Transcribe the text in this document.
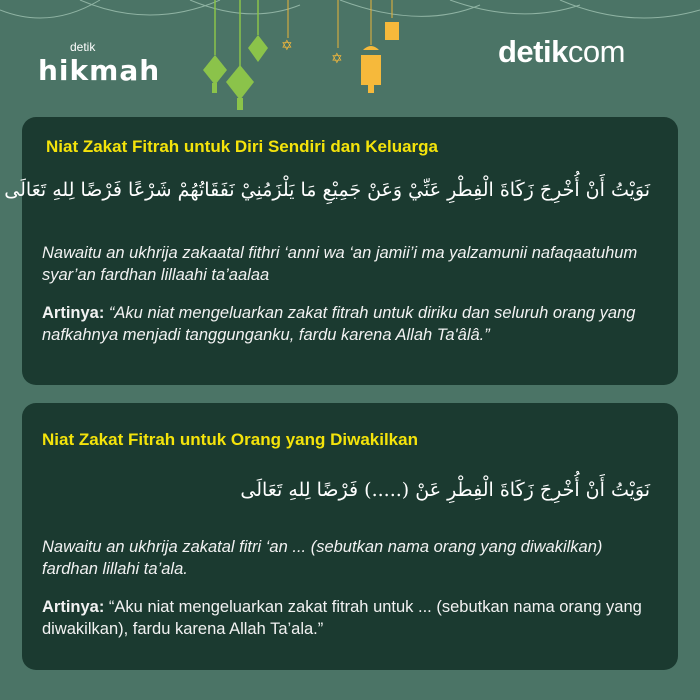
✡
✡
detik
hikmah
detikcom
Niat Zakat Fitrah untuk Diri Sendiri dan Keluarga
نَوَيْتُ أَنْ أُخْرِجَ زَكَاةَ الْفِطْرِ عَنِّيْ وَعَنْ جَمِيْعِ مَا يَلْزَمُنِيْ نَفَقَاتُهُمْ شَرْعًا فَرْضًا لِلهِ تَعَالَى
Nawaitu an ukhrija zakaatal fithri ‘anni wa ‘an jamii’i ma yalzamunii nafaqaatuhum syar’an fardhan lillaahi ta’aalaa
Artinya: “Aku niat mengeluarkan zakat fitrah untuk diriku dan seluruh orang yang nafkahnya menjadi tanggunganku, fardu karena Allah Ta'âlâ.”
Niat Zakat Fitrah untuk Orang yang Diwakilkan
نَوَيْتُ أَنْ أُخْرِجَ زَكَاةَ الْفِطْرِ عَنْ (.....) فَرْضًا لِلهِ تَعَالَى
Nawaitu an ukhrija zakatal fitri ‘an ... (sebutkan nama orang yang diwakilkan) fardhan lillahi ta’ala.
Artinya: “Aku niat mengeluarkan zakat fitrah untuk ... (sebutkan nama orang yang diwakilkan), fardu karena Allah Ta’ala.”
